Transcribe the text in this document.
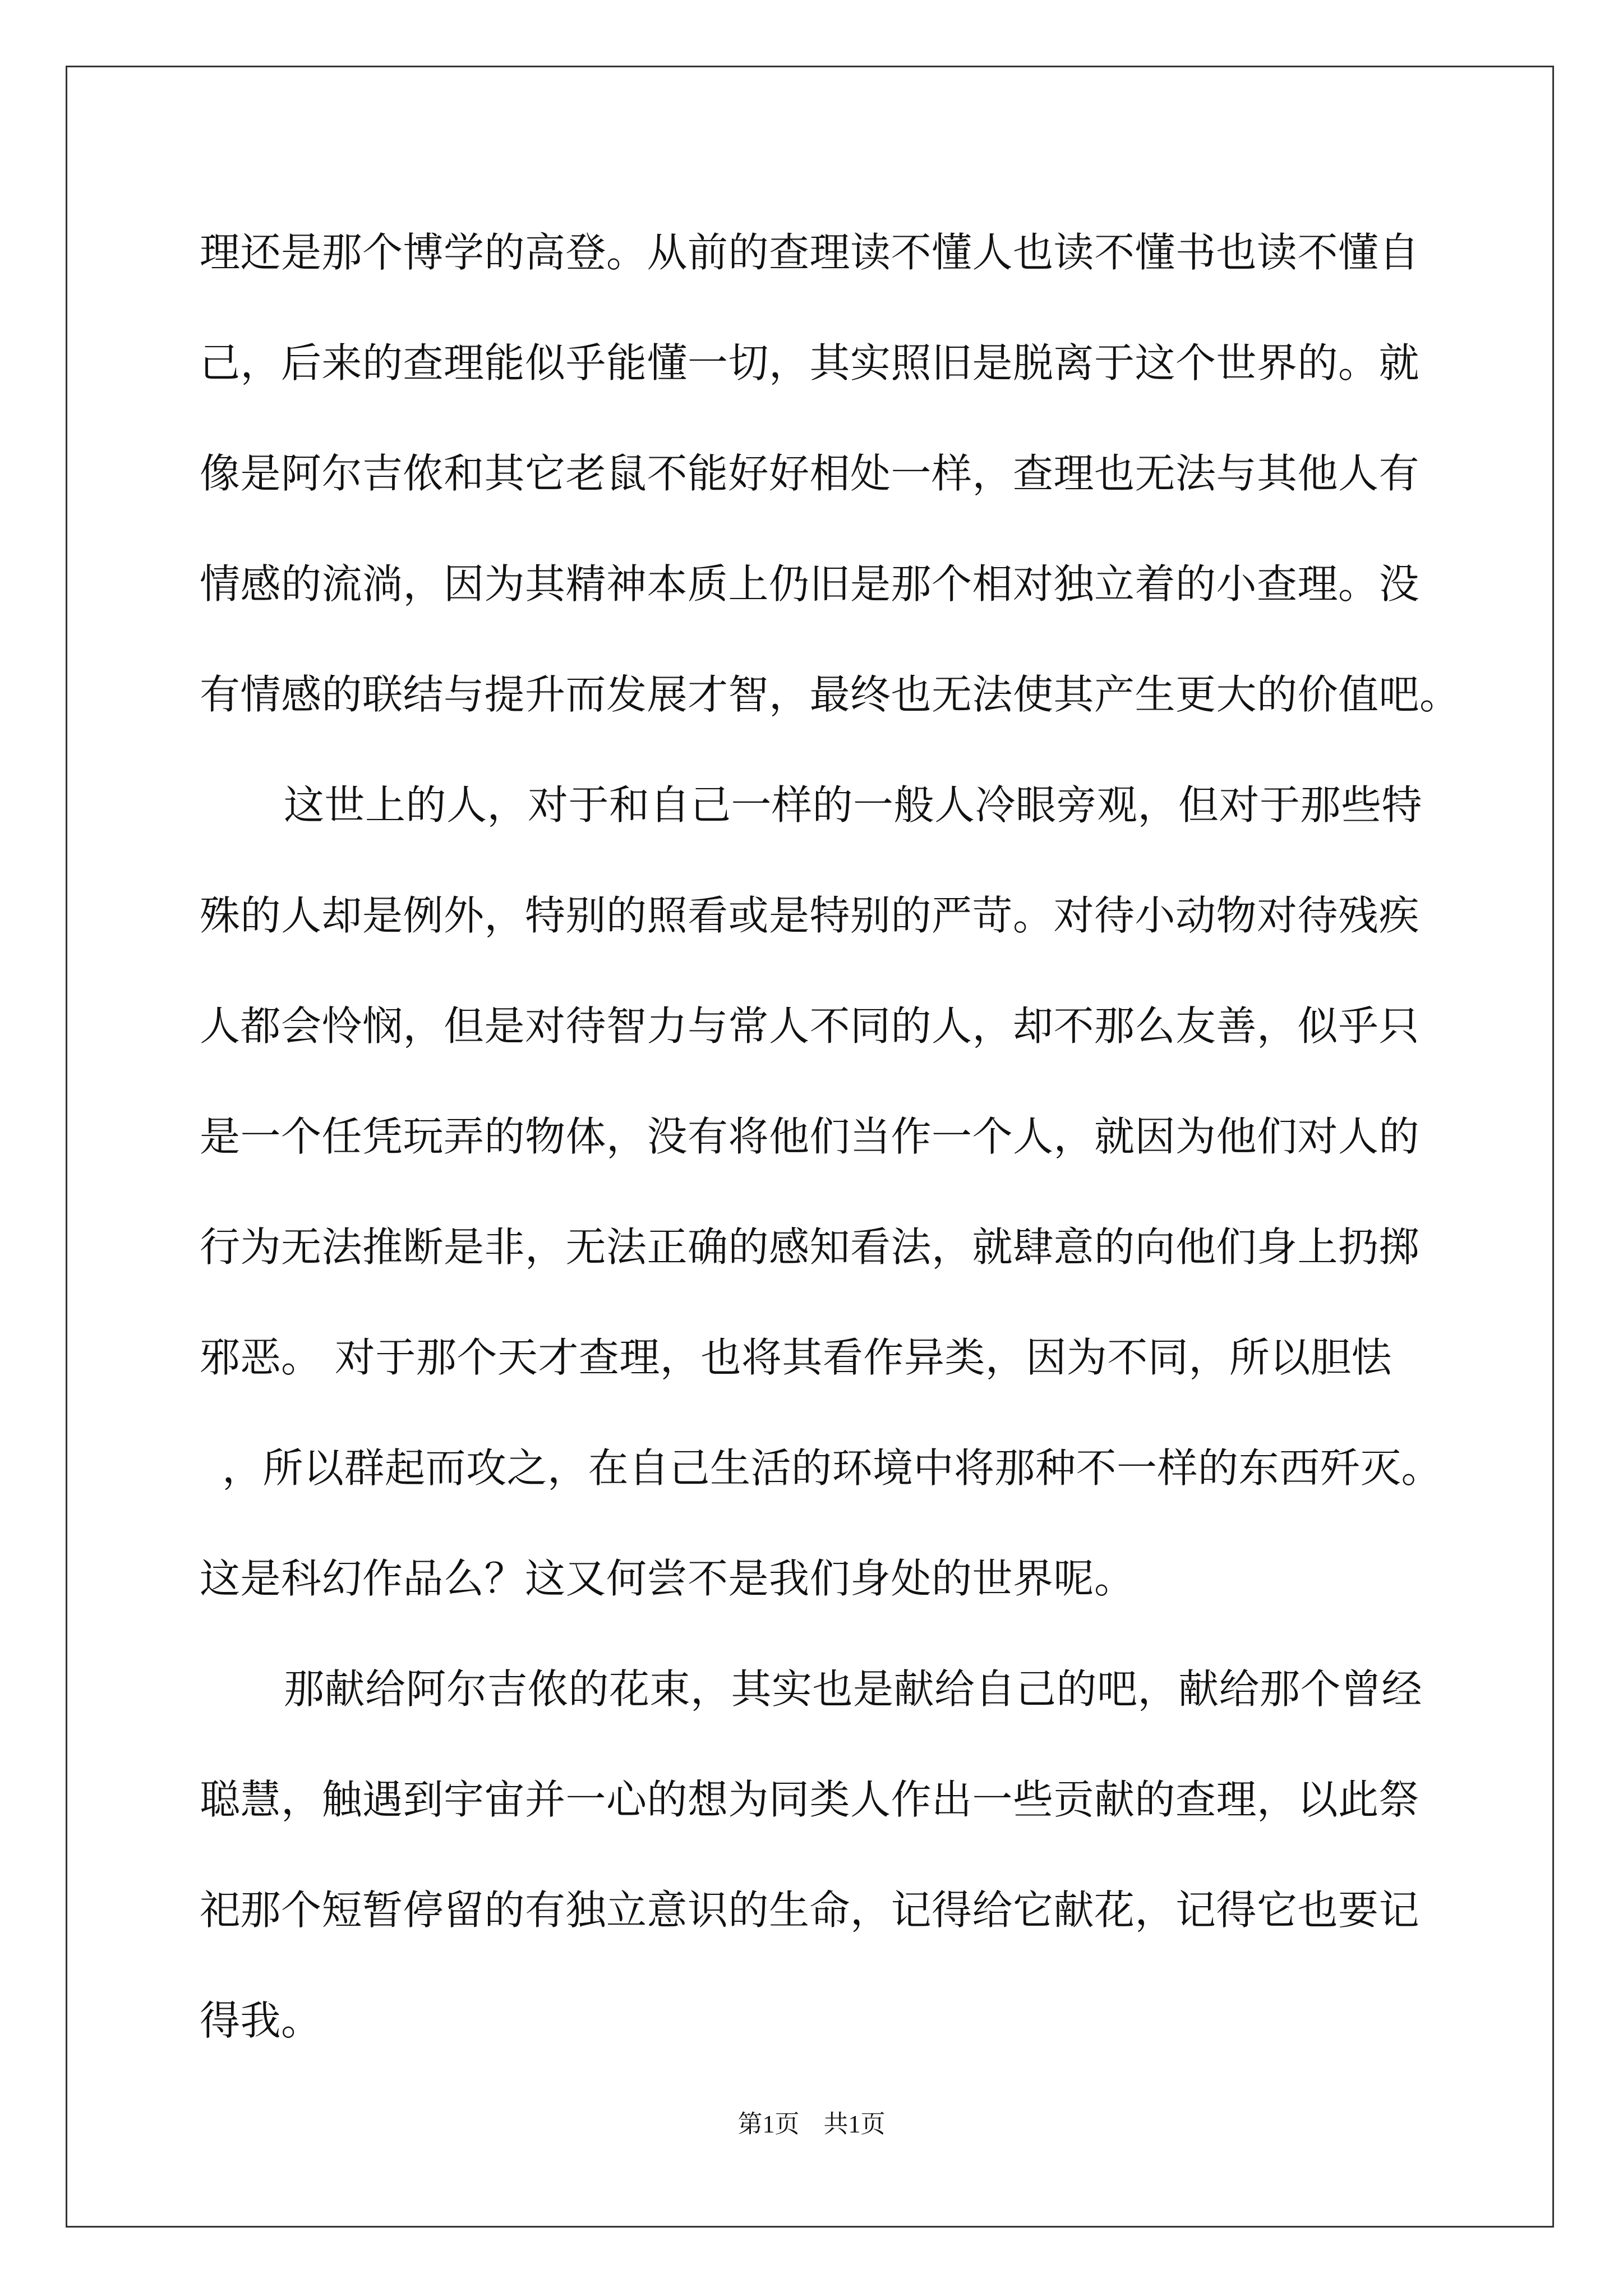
理还是那个博学的高登。从前的查理读不懂人也读不懂书也读不懂自
己，后来的查理能似乎能懂一切，其实照旧是脱离于这个世界的。就
像是阿尔吉侬和其它老鼠不能好好相处一样，查理也无法与其他人有
情感的流淌，因为其精神本质上仍旧是那个相对独立着的小查理。没
有情感的联结与提升而发展才智，最终也无法使其产生更大的价值吧。
这世上的人，对于和自己一样的一般人冷眼旁观，但对于那些特
殊的人却是例外，特别的照看或是特别的严苛。对待小动物对待残疾
人都会怜悯，但是对待智力与常人不同的人，却不那么友善，似乎只
是一个任凭玩弄的物体，没有将他们当作一个人，就因为他们对人的
行为无法推断是非，无法正确的感知看法，就肆意的向他们身上扔掷
邪恶。 对于那个天才查理，也将其看作异类，因为不同，所以胆怯
，所以群起而攻之，在自己生活的环境中将那种不一样的东西歼灭。
这是科幻作品么？这又何尝不是我们身处的世界呢。
那献给阿尔吉侬的花束，其实也是献给自己的吧，献给那个曾经
聪慧，触遇到宇宙并一心的想为同类人作出一些贡献的查理，以此祭
祀那个短暂停留的有独立意识的生命，记得给它献花，记得它也要记
得我。
第1页 共1页
